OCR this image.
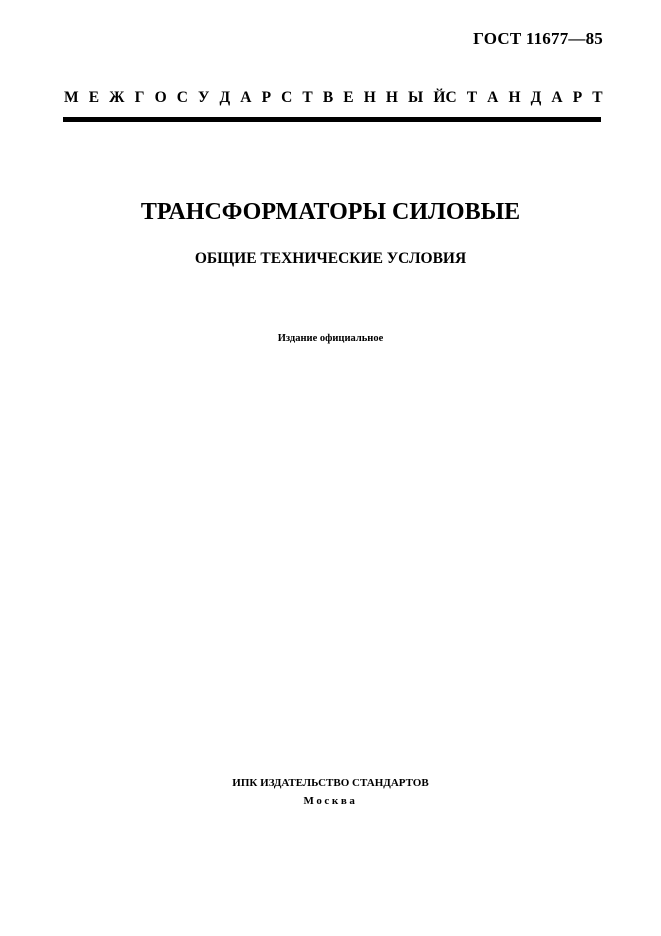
ГОСТ 11677—85
М Е Ж Г О С У Д А Р С Т В Е Н Н Ы Й С Т А Н Д А Р Т
ТРАНСФОРМАТОРЫ СИЛОВЫЕ
ОБЩИЕ ТЕХНИЧЕСКИЕ УСЛОВИЯ
Издание официальное
ИПК ИЗДАТЕЛЬСТВО СТАНДАРТОВ
Москва
